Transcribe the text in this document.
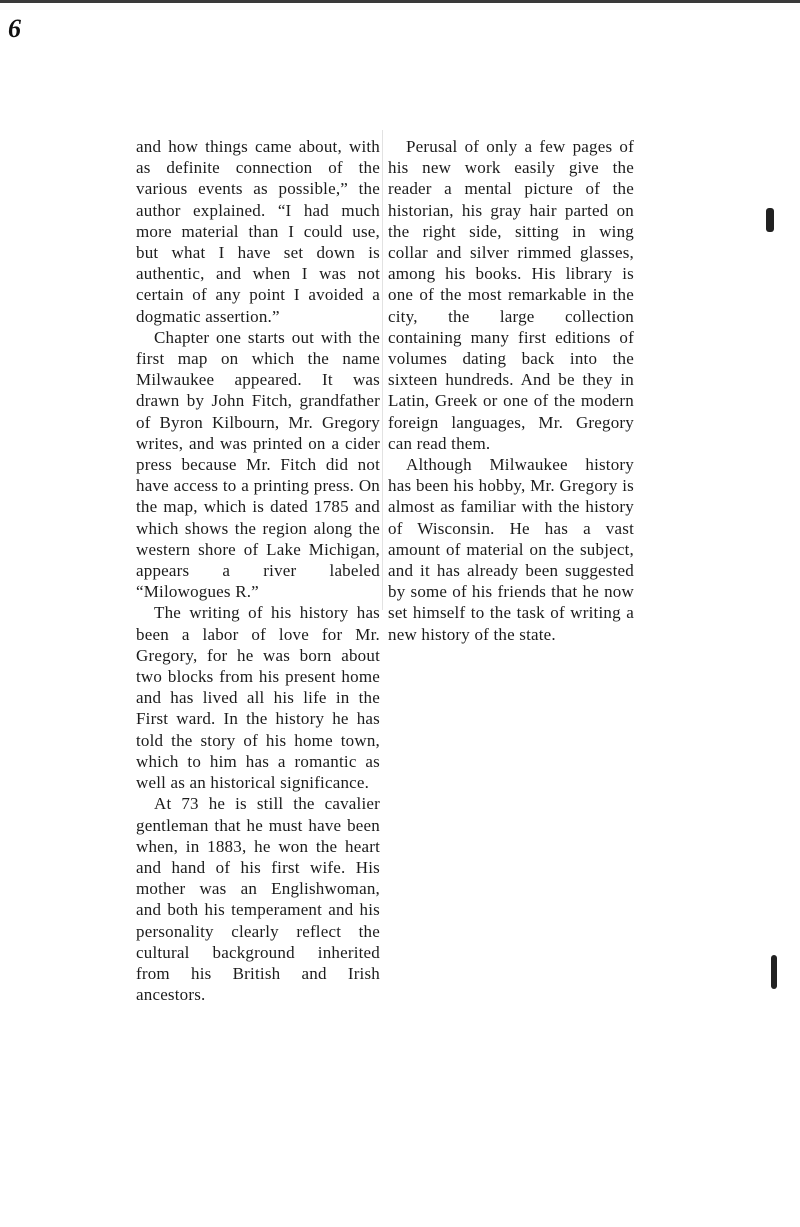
6

and how things came about, with as definite connection of the various events as possible,” the author explained. “I had much more material than I could use, but what I have set down is authentic, and when I was not certain of any point I avoided a dogmatic assertion.”

Chapter one starts out with the first map on which the name Milwaukee appeared. It was drawn by John Fitch, grandfather of Byron Kilbourn, Mr. Gregory writes, and was printed on a cider press because Mr. Fitch did not have access to a printing press. On the map, which is dated 1785 and which shows the region along the western shore of Lake Michigan, appears a river labeled “Milowogues R.”

The writing of his history has been a labor of love for Mr. Gregory, for he was born about two blocks from his present home and has lived all his life in the First ward. In the history he has told the story of his home town, which to him has a romantic as well as an historical significance.

At 73 he is still the cavalier gentleman that he must have been when, in 1883, he won the heart and hand of his first wife. His mother was an Englishwoman, and both his temperament and his personality clearly reflect the cultural background inherited from his British and Irish ancestors.

Perusal of only a few pages of his new work easily give the reader a mental picture of the historian, his gray hair parted on the right side, sitting in wing collar and silver rimmed glasses, among his books. His library is one of the most remarkable in the city, the large collection containing many first editions of volumes dating back into the sixteen hundreds. And be they in Latin, Greek or one of the modern foreign languages, Mr. Gregory can read them.

Although Milwaukee history has been his hobby, Mr. Gregory is almost as familiar with the history of Wisconsin. He has a vast amount of material on the subject, and it has already been suggested by some of his friends that he now set himself to the task of writing a new history of the state.
